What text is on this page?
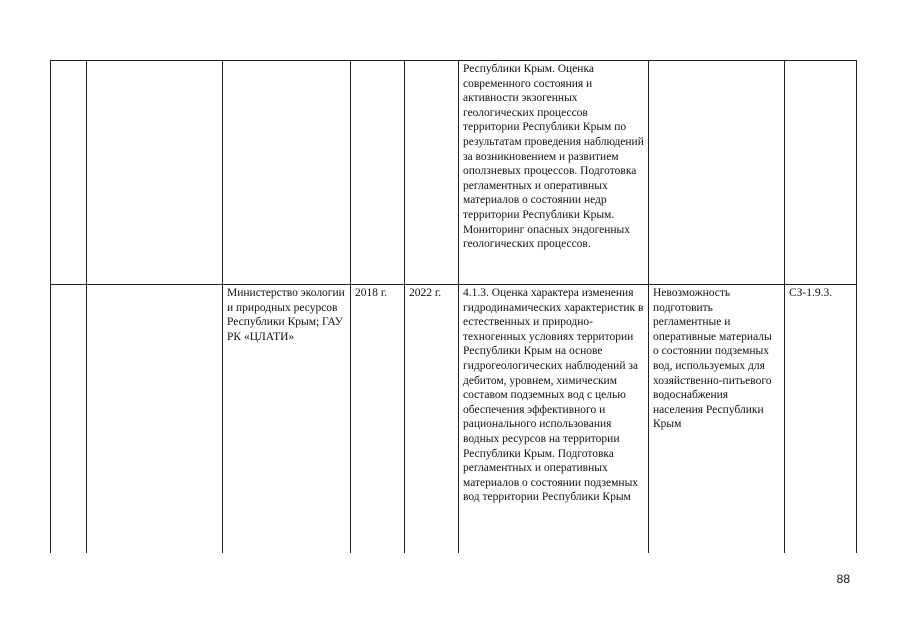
					Республики Крым. Оценка современного состояния и активности экзогенных геологических процессов территории Республики Крым по результатам проведения наблюдений за возникновением и развитием оползневых процессов. Подготовка регламентных и оперативных материалов о состоянии недр территории Республики Крым. Мониторинг опасных эндогенных геологических процессов.		

		Министерство экологии и природных ресурсов Республики Крым; ГАУ РК «ЦЛАТИ»	2018 г.	2022 г.	4.1.3. Оценка характера изменения гидродинамических характеристик в естественных и природно-техногенных условиях территории Республики Крым на основе гидрогеологических наблюдений за дебитом, уровнем, химическим составом подземных вод с целью обеспечения эффективного и рационального использования водных ресурсов на территории Республики Крым. Подготовка регламентных и оперативных материалов о состоянии подземных вод территории Республики Крым	Невозможность подготовить регламентные и оперативные материалы о состоянии подземных вод, используемых для хозяйственно-питьевого водоснабжения населения Республики Крым	СЗ-1.9.3.
88
